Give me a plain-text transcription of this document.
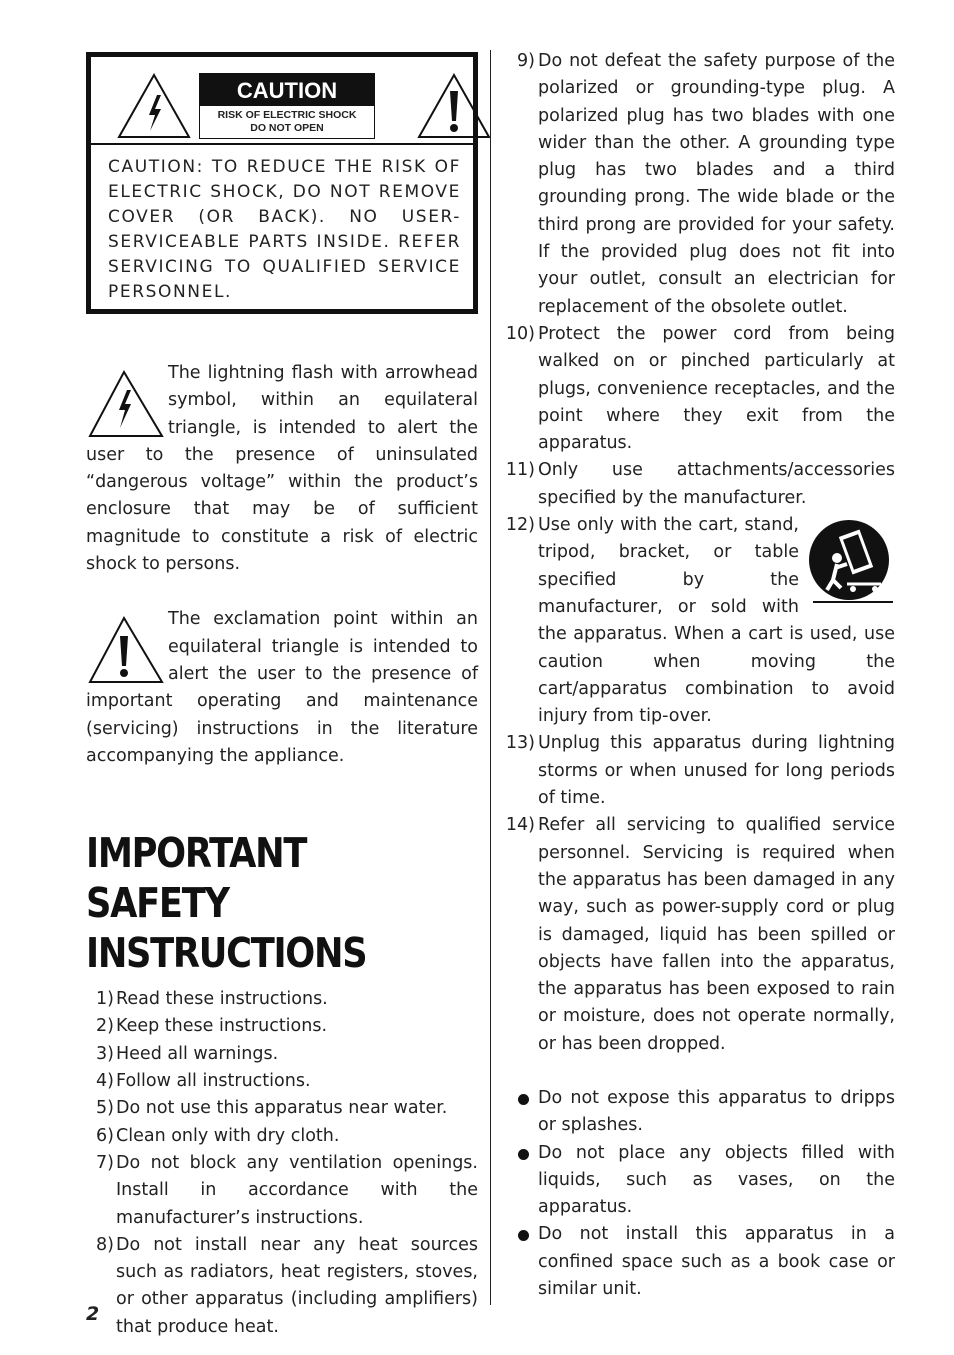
CAUTION
RISK OF ELECTRIC SHOCK
DO NOT OPEN
CAUTION: TO REDUCE THE RISK OF ELECTRIC SHOCK, DO NOT REMOVE COVER (OR BACK). NO USER-SERVICEABLE PARTS INSIDE. REFER SERVICING TO QUALIFIED SERVICE PERSONNEL.

The lightning flash with arrowhead symbol, within an equilateral triangle, is intended to alert the user to the presence of uninsulated “dangerous voltage” within the product’s enclosure that may be of sufficient magnitude to constitute a risk of electric shock to persons.

The exclamation point within an equilateral triangle is intended to alert the user to the presence of important operating and maintenance (servicing) instructions in the literature accompanying the appliance.

IMPORTANT SAFETY
INSTRUCTIONS
1) Read these instructions.
2) Keep these instructions.
3) Heed all warnings.
4) Follow all instructions.
5) Do not use this apparatus near water.
6) Clean only with dry cloth.
7) Do not block any ventilation openings. Install in accordance with the manufacturer’s instructions.
8) Do not install near any heat sources such as radiators, heat registers, stoves, or other apparatus (including amplifiers) that produce heat.
9) Do not defeat the safety purpose of the polarized or grounding-type plug. A polarized plug has two blades with one wider than the other. A grounding type plug has two blades and a third grounding prong. The wide blade or the third prong are provided for your safety. If the provided plug does not fit into your outlet, consult an electrician for replacement of the obsolete outlet.
10) Protect the power cord from being walked on or pinched particularly at plugs, convenience receptacles, and the point where they exit from the apparatus.
11) Only use attachments/accessories specified by the manufacturer.
12) Use only with the cart, stand, tripod, bracket, or table specified by the manufacturer, or sold with the apparatus. When a cart is used, use caution when moving the cart/apparatus combination to avoid injury from tip-over.
13) Unplug this apparatus during lightning storms or when unused for long periods of time.
14) Refer all servicing to qualified service personnel. Servicing is required when the apparatus has been damaged in any way, such as power-supply cord or plug is damaged, liquid has been spilled or objects have fallen into the apparatus, the apparatus has been exposed to rain or moisture, does not operate normally, or has been dropped.
Do not expose this apparatus to dripps or splashes.
Do not place any objects filled with liquids, such as vases, on the apparatus.
Do not install this apparatus in a confined space such as a book case or similar unit.
2
